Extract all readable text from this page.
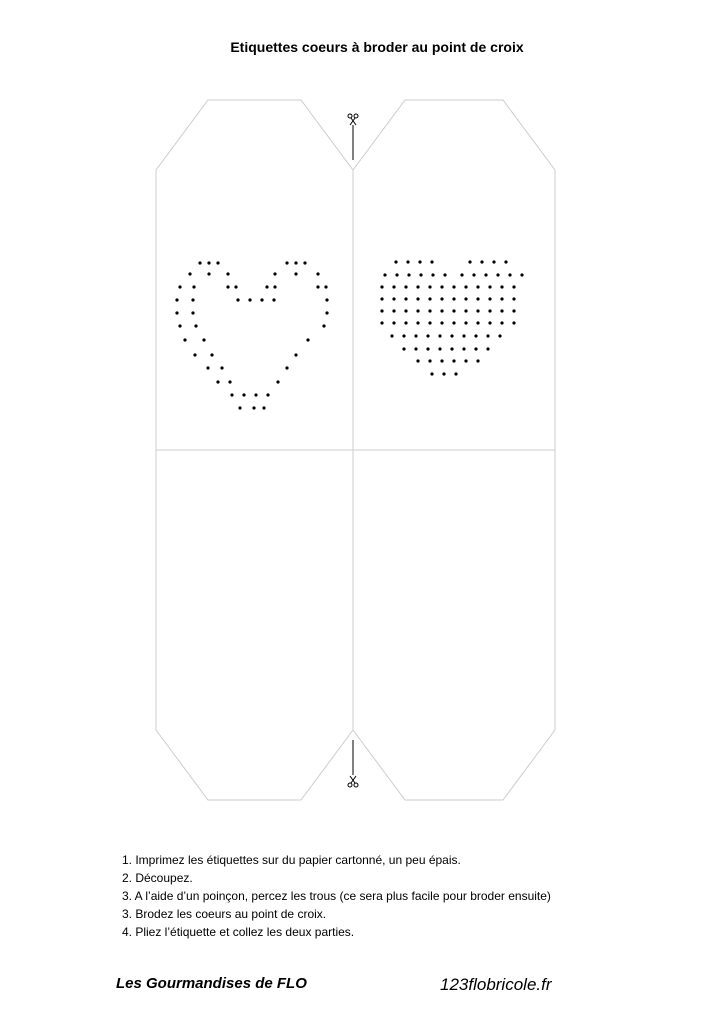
Etiquettes coeurs à broder au point de croix
1. Imprimez les étiquettes sur du papier cartonné, un peu épais.
2. Découpez.
3. A l’aide d’un poinçon, percez les trous (ce sera plus facile pour broder ensuite)
3. Brodez les coeurs au point de croix.
4. Pliez l’étiquette et collez les deux parties.
Les Gourmandises de FLO	123flobricole.fr
